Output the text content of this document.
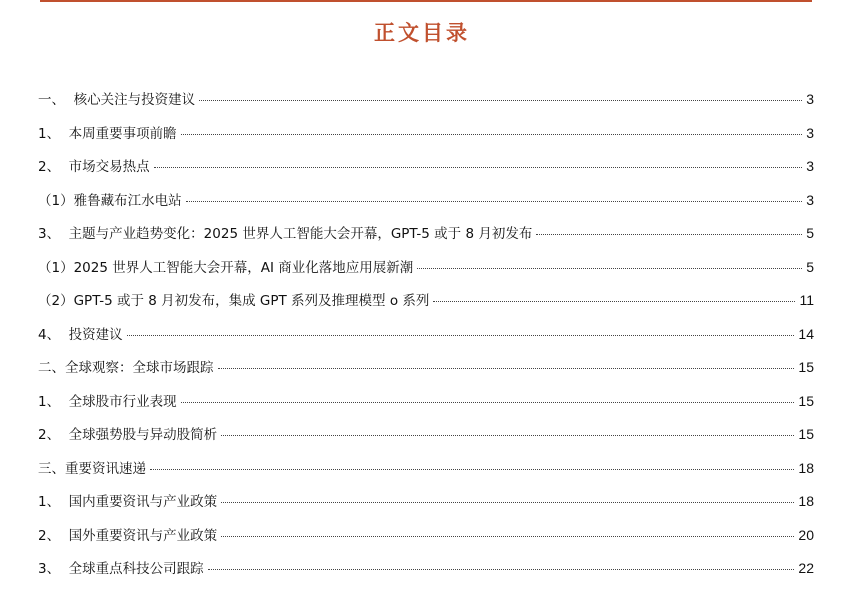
正文目录
一、  核心关注与投资建议	3
1、  本周重要事项前瞻	3
2、  市场交易热点	3
（1）雅鲁藏布江水电站	3
3、  主题与产业趋势变化：2025 世界人工智能大会开幕，GPT-5 或于 8 月初发布	5
（1）2025 世界人工智能大会开幕，AI 商业化落地应用展新潮	5
（2）GPT-5 或于 8 月初发布，集成 GPT 系列及推理模型 o 系列	11
4、  投资建议	14
二、全球观察：全球市场跟踪	15
1、  全球股市行业表现	15
2、  全球强势股与异动股简析	15
三、重要资讯速递	18
1、  国内重要资讯与产业政策	18
2、  国外重要资讯与产业政策	20
3、  全球重点科技公司跟踪	22
